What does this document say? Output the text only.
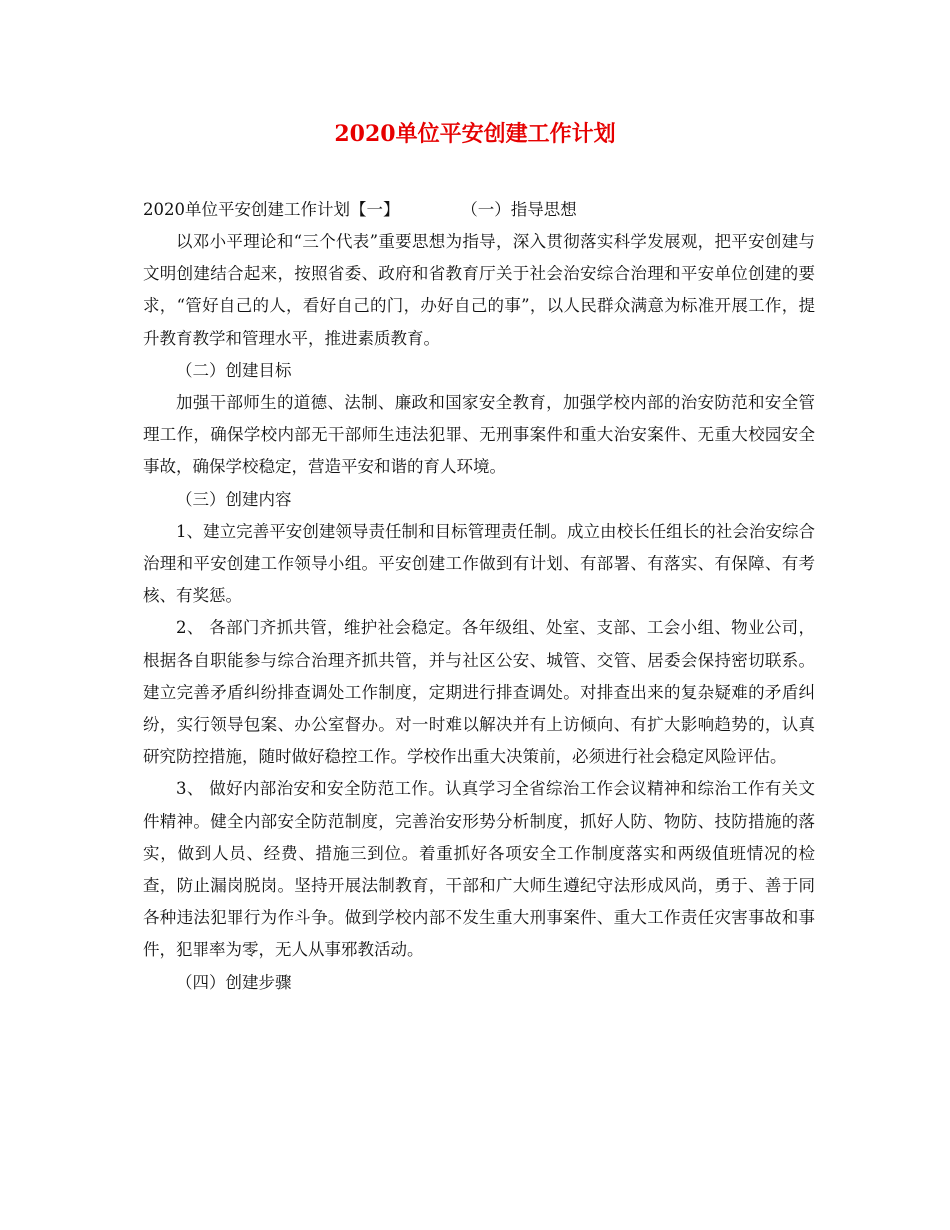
2020单位平安创建工作计划
2020单位平安创建工作计划【一】	（一）指导思想

以邓小平理论和“三个代表”重要思想为指导，深入贯彻落实科学发展观，把平安创建与文明创建结合起来，按照省委、政府和省教育厅关于社会治安综合治理和平安单位创建的要求，“管好自己的人，看好自己的门，办好自己的事”，以人民群众满意为标准开展工作，提升教育教学和管理水平，推进素质教育。

（二）创建目标

加强干部师生的道德、法制、廉政和国家安全教育，加强学校内部的治安防范和安全管理工作，确保学校内部无干部师生违法犯罪、无刑事案件和重大治安案件、无重大校园安全事故，确保学校稳定，营造平安和谐的育人环境。

（三）创建内容

1、建立完善平安创建领导责任制和目标管理责任制。成立由校长任组长的社会治安综合治理和平安创建工作领导小组。平安创建工作做到有计划、有部署、有落实、有保障、有考核、有奖惩。

2、 各部门齐抓共管，维护社会稳定。各年级组、处室、支部、工会小组、物业公司，根据各自职能参与综合治理齐抓共管，并与社区公安、城管、交管、居委会保持密切联系。建立完善矛盾纠纷排查调处工作制度，定期进行排查调处。对排查出来的复杂疑难的矛盾纠纷，实行领导包案、办公室督办。对一时难以解决并有上访倾向、有扩大影响趋势的，认真研究防控措施，随时做好稳控工作。学校作出重大决策前，必须进行社会稳定风险评估。

3、 做好内部治安和安全防范工作。认真学习全省综治工作会议精神和综治工作有关文件精神。健全内部安全防范制度，完善治安形势分析制度，抓好人防、物防、技防措施的落实，做到人员、经费、措施三到位。着重抓好各项安全工作制度落实和两级值班情况的检查，防止漏岗脱岗。坚持开展法制教育，干部和广大师生遵纪守法形成风尚，勇于、善于同各种违法犯罪行为作斗争。做到学校内部不发生重大刑事案件、重大工作责任灾害事故和事件，犯罪率为零，无人从事邪教活动。

（四）创建步骤
